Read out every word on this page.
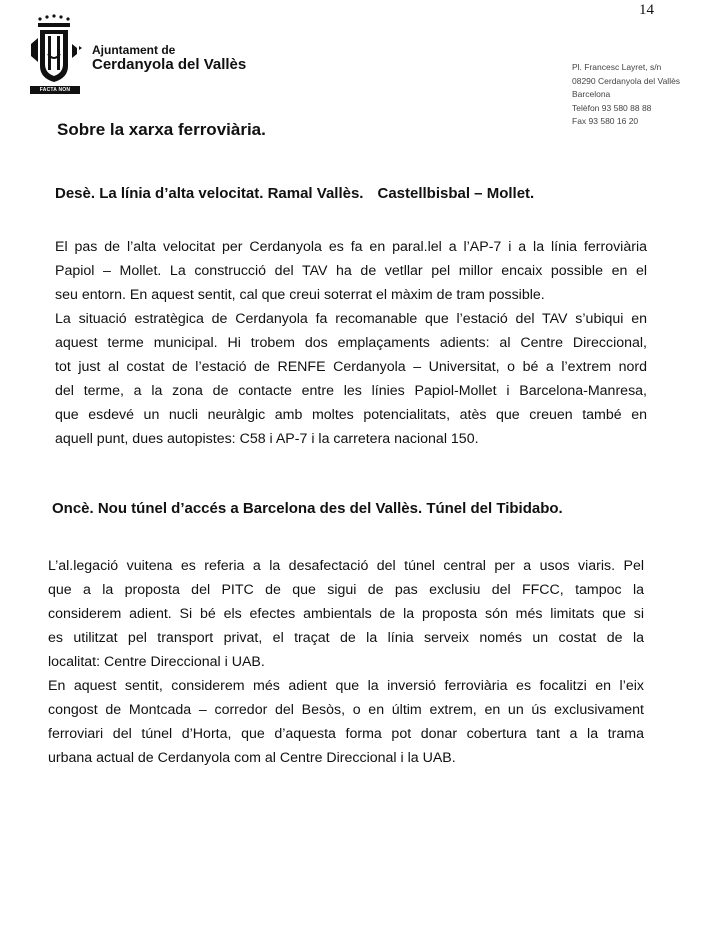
14
FACTA NON VERBA
Ajuntament de
Cerdanyola del Vallès	Pl. Francesc Layret, s/n
08290 Cerdanyola del Vallès
Barcelona
Telèfon 93 580 88 88
Fax 93 580 16 20
Sobre la xarxa ferroviària.
Desè. La línia d’alta velocitat. Ramal Vallès. Castellbisbal – Mollet.
El pas de l’alta velocitat per Cerdanyola es fa en paral.lel a l’AP-7 i a la línia ferroviària
Papiol – Mollet. La construcció del TAV ha de vetllar pel millor encaix possible en el
seu entorn. En aquest sentit, cal que creui soterrat el màxim de tram possible.
La situació estratègica de Cerdanyola fa recomanable que l’estació del TAV s’ubiqui en
aquest terme municipal. Hi trobem dos emplaçaments adients: al Centre Direccional,
tot just al costat de l’estació de RENFE Cerdanyola – Universitat, o bé a l’extrem nord
del terme, a la zona de contacte entre les línies Papiol-Mollet i Barcelona-Manresa,
que esdevé un nucli neuràlgic amb moltes potencialitats, atès que creuen també en
aquell punt, dues autopistes: C58 i AP-7 i la carretera nacional 150.
Oncè. Nou túnel d’accés a Barcelona des del Vallès. Túnel del Tibidabo.
L’al.legació vuitena es referia a la desafectació del túnel central per a usos viaris. Pel
que a la proposta del PITC de que sigui de pas exclusiu del FFCC, tampoc la
considerem adient. Si bé els efectes ambientals de la proposta són més limitats que si
es utilitzat pel transport privat, el traçat de la línia serveix només un costat de la
localitat: Centre Direccional i UAB.
En aquest sentit, considerem més adient que la inversió ferroviària es focalitzi en l’eix
congost de Montcada – corredor del Besòs, o en últim extrem, en un ús exclusivament
ferroviari del túnel d’Horta, que d’aquesta forma pot donar cobertura tant a la trama
urbana actual de Cerdanyola com al Centre Direccional i la UAB.
